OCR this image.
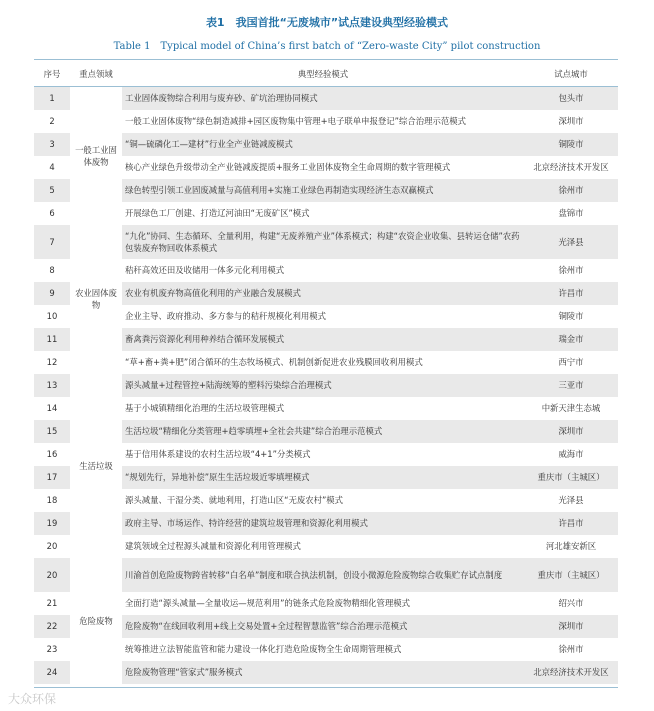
表1　我国首批“无废城市”试点建设典型经验模式
Table 1　Typical model of China’s first batch of “Zero-waste City” pilot construction
序号	重点领域	典型经验模式	试点城市
1	一般工业固体废物	工业固体废物综合利用与废弃砂、矿坑治理协同模式	包头市
2		一般工业固体废物“绿色制造减排+园区废物集中管理+电子联单申报登记”综合治理示范模式	深圳市
3		“铜—硫磷化工—建材”行业全产业链减废模式	铜陵市
4		核心产业绿色升级带动全产业链减废提质+服务工业固体废物全生命周期的数字管理模式	北京经济技术开发区
5		绿色转型引领工业固废减量与高值利用+实施工业绿色再制造实现经济生态双赢模式	徐州市
6		开展绿色工厂创建、打造辽河油田“无废矿区”模式	盘锦市
7	农业固体废物	“九化”协同、生态循环、全量利用，构建“无废养殖产业”体系模式；构建“农资企业收集、县转运仓储”农药包装废弃物回收体系模式	光泽县
8		秸秆高效还田及收储用一体多元化利用模式	徐州市
9		农业有机废弃物高值化利用的产业融合发展模式	许昌市
10		企业主导、政府推动、多方参与的秸秆规模化利用模式	铜陵市
11		畜禽粪污资源化利用种养结合循环发展模式	瑞金市
12		“草+畜+粪+肥”闭合循环的生态牧场模式、机制创新促进农业残膜回收利用模式	西宁市
13	生活垃圾	源头减量+过程管控+陆海统筹的塑料污染综合治理模式	三亚市
14		基于小城镇精细化治理的生活垃圾管理模式	中新天津生态城
15		生活垃圾“精细化分类管理+趋零填埋+全社会共建”综合治理示范模式	深圳市
16		基于信用体系建设的农村生活垃圾“4+1”分类模式	威海市
17		“规划先行，异地补偿”原生生活垃圾近零填埋模式	重庆市（主城区）
18		源头减量、干湿分类、就地利用，打造山区“无废农村”模式	光泽县
19		政府主导、市场运作、特许经营的建筑垃圾管理和资源化利用模式	许昌市
20		建筑领域全过程源头减量和资源化利用管理模式	河北雄安新区
20	危险废物	川渝首创危险废物跨省转移“白名单”制度和联合执法机制，创设小微源危险废物综合收集贮存试点制度	重庆市（主城区）
21		全面打造“源头减量—全量收运—规范利用”的链条式危险废物精细化管理模式	绍兴市
22		危险废物“在线回收利用+线上交易处置+全过程智慧监管”综合治理示范模式	深圳市
23		统筹推进立法智能监管和能力建设一体化打造危险废物全生命周期管理模式	徐州市
24		危险废物管理“管家式”服务模式	北京经济技术开发区
大众环保
